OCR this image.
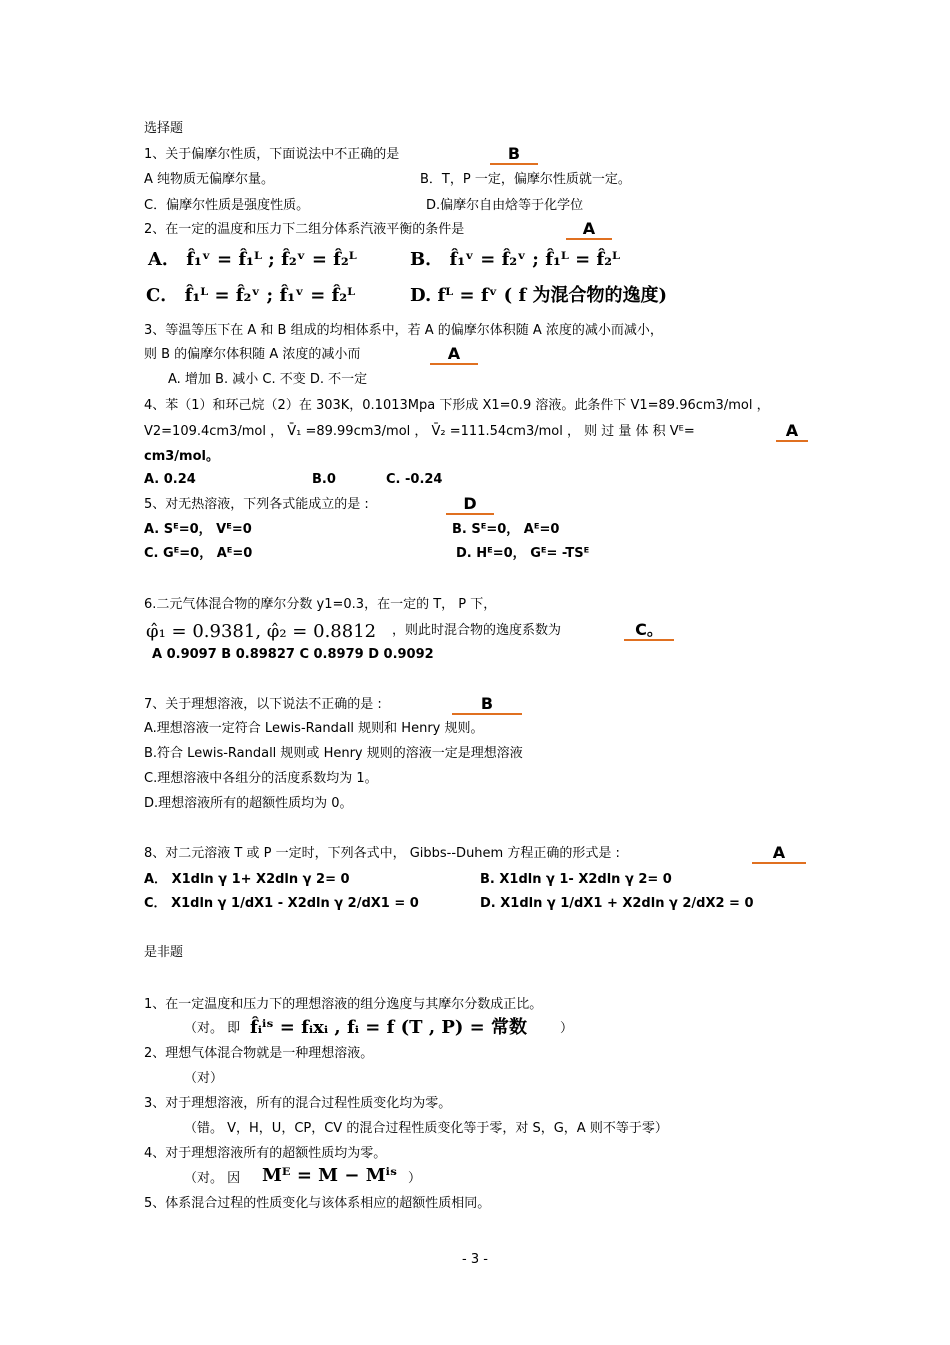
选择题
1、关于偏摩尔性质，下面说法中不正确的是	B
A 纯物质无偏摩尔量。	B．T，P 一定，偏摩尔性质就一定。
C．偏摩尔性质是强度性质。	D.偏摩尔自由焓等于化学位
2、在一定的温度和压力下二组分体系汽液平衡的条件是	A
A． f̂₁ᵛ = f̂₁ᴸ ; f̂₂ᵛ = f̂₂ᴸ	B． f̂₁ᵛ = f̂₂ᵛ ; f̂₁ᴸ = f̂₂ᴸ
C． f̂₁ᴸ = f̂₂ᵛ ; f̂₁ᵛ = f̂₂ᴸ	D. fᴸ = fᵛ ( f 为混合物的逸度)
3、等温等压下在 A 和 B 组成的均相体系中，若 A 的偏摩尔体积随 A 浓度的减小而减小，
则 B 的偏摩尔体积随 A 浓度的减小而	A
A. 增加 B. 减小 C. 不变 D. 不一定
4、苯（1）和环己烷（2）在 303K，0.1013Mpa 下形成 X1=0.9 溶液。此条件下 V1=89.96cm3/mol ，
V2=109.4cm3/mol ， V̄₁ =89.99cm3/mol ， V̄₂ =111.54cm3/mol ， 则 过 量 体 积 Vᴱ=	A
cm3/mol。
A. 0.24	B.0	C. -0.24
5、对无热溶液，下列各式能成立的是 :	D
A. Sᴱ=0， Vᴱ=0	B. Sᴱ=0， Aᴱ=0
C. Gᴱ=0， Aᴱ=0	D. Hᴱ=0， Gᴱ= -TSᴱ
6.二元气体混合物的摩尔分数 y1=0.3，在一定的 T， P 下，
φ̂₁ = 0.9381, φ̂₂ = 0.8812 ，则此时混合物的逸度系数为	C。
A 0.9097 B 0.89827 C 0.8979 D 0.9092
7、关于理想溶液，以下说法不正确的是 :	B
A.理想溶液一定符合 Lewis-Randall 规则和 Henry 规则。
B.符合 Lewis-Randall 规则或 Henry 规则的溶液一定是理想溶液
C.理想溶液中各组分的活度系数均为 1。
D.理想溶液所有的超额性质均为 0。
8、对二元溶液 T 或 P 一定时，下列各式中， Gibbs--Duhem 方程正确的形式是 :	A
A． X1dln γ 1+ X2dln γ 2= 0	B. X1dln γ 1- X2dln γ 2= 0
C． X1dln γ 1/dX1 - X2dln γ 2/dX1 = 0	D. X1dln γ 1/dX1 + X2dln γ 2/dX2 = 0
是非题
1、在一定温度和压力下的理想溶液的组分逸度与其摩尔分数成正比。
（对。 即 f̂ᵢⁱˢ = fᵢxᵢ , fᵢ = f (T , P) = 常数	）
2、理想气体混合物就是一种理想溶液。
（对）
3、对于理想溶液，所有的混合过程性质变化均为零。
（错。 V，H，U，CP，CV 的混合过程性质变化等于零，对 S，G，A 则不等于零）
4、对于理想溶液所有的超额性质均为零。
（对。 因 Mᴱ = M − Mⁱˢ ）
5、体系混合过程的性质变化与该体系相应的超额性质相同。
- 3 -
